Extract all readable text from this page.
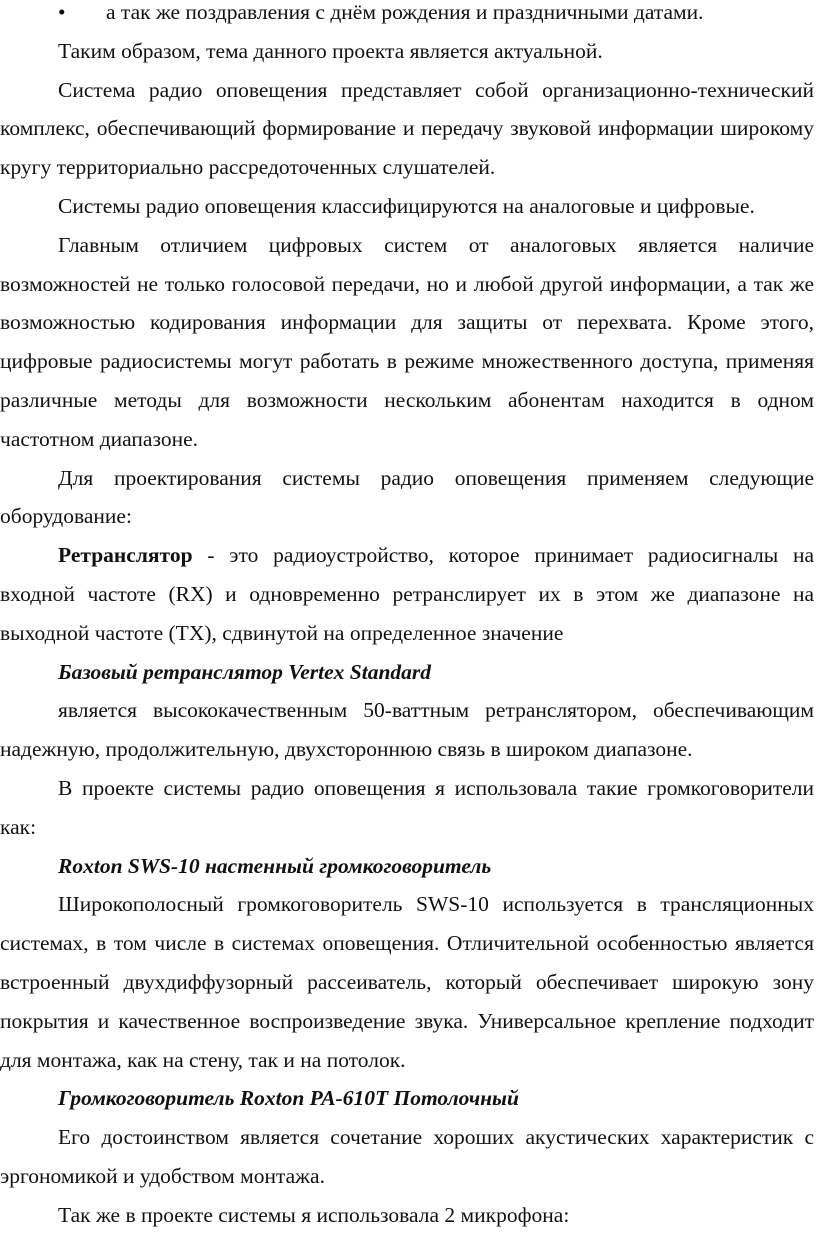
• а так же поздравления с днём рождения и праздничными датами.

Таким образом, тема данного проекта является актуальной.

Система радио оповещения представляет собой организационно-технический комплекс, обеспечивающий формирование и передачу звуковой информации широкому кругу территориально рассредоточенных слушателей.

Системы радио оповещения классифицируются на аналоговые и цифровые.

Главным отличием цифровых систем от аналоговых является наличие возможностей не только голосовой передачи, но и любой другой информации, а так же возможностью кодирования информации для защиты от перехвата. Кроме этого, цифровые радиосистемы могут работать в режиме множественного доступа, применяя различные методы для возможности нескольким абонентам находится в одном частотном диапазоне.

Для проектирования системы радио оповещения применяем следующие оборудование:

Ретранслятор - это радиоустройство, которое принимает радиосигналы на входной частоте (RX) и одновременно ретранслирует их в этом же диапазоне на выходной частоте (TX), сдвинутой на определенное значение

Базовый ретранслятор Vertex Standard

является высококачественным 50-ваттным ретранслятором, обеспечивающим надежную, продолжительную, двухстороннюю связь в широком диапазоне.

В проекте системы радио оповещения я использовала такие громкоговорители как:

Roxton SWS-10 настенный громкоговоритель

Широкополосный громкоговоритель SWS-10 используется в трансляционных системах, в том числе в системах оповещения. Отличительной особенностью является встроенный двухдиффузорный рассеиватель, который обеспечивает широкую зону покрытия и качественное воспроизведение звука. Универсальное крепление подходит для монтажа, как на стену, так и на потолок.

Громкоговоритель Roxton PA-610T Потолочный

Его достоинством является сочетание хороших акустических характеристик с эргономикой и удобством монтажа.

Так же в проекте системы я использовала 2 микрофона:
